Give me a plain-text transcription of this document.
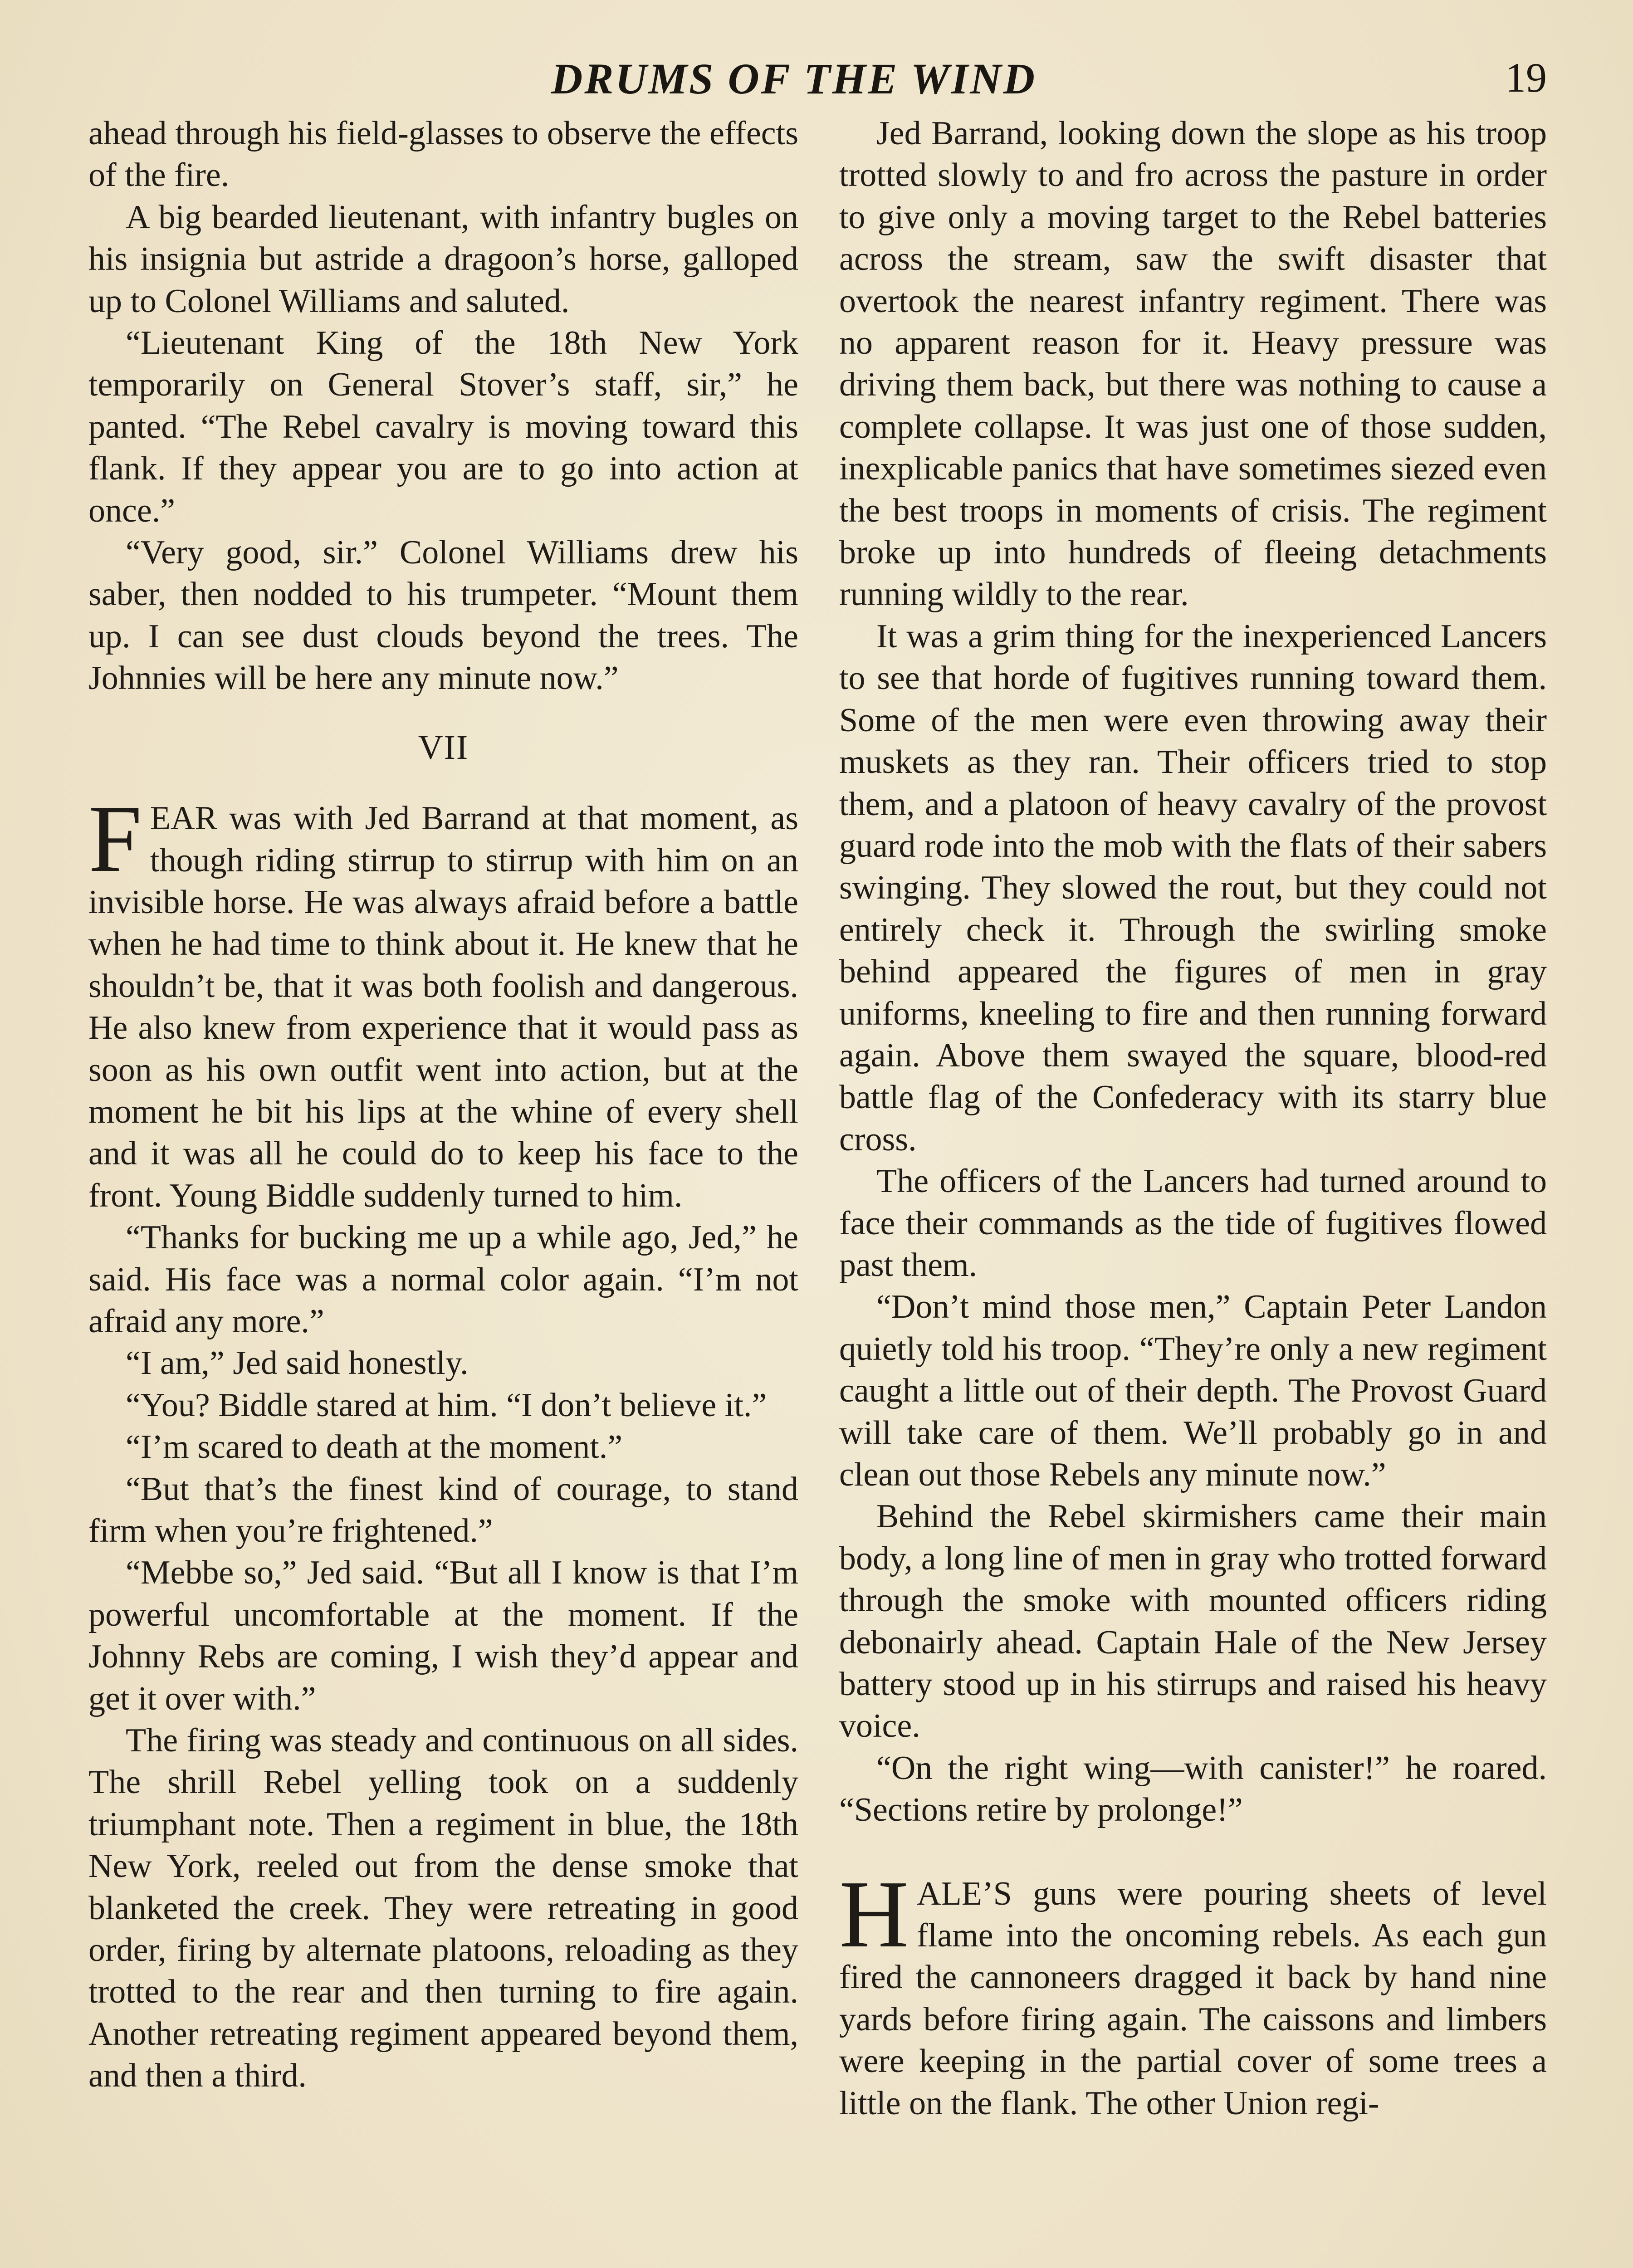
DRUMS OF THE WIND	19

ahead through his field-glasses to observe the effects of the fire.

A big bearded lieutenant, with infantry bugles on his insignia but astride a dragoon’s horse, galloped up to Colonel Williams and saluted.

“Lieutenant King of the 18th New York temporarily on General Stover’s staff, sir,” he panted. “The Rebel cavalry is moving toward this flank. If they appear you are to go into action at once.”

“Very good, sir.” Colonel Williams drew his saber, then nodded to his trumpeter. “Mount them up. I can see dust clouds beyond the trees. The Johnnies will be here any minute now.”

VII

FEAR was with Jed Barrand at that moment, as though riding stirrup to stirrup with him on an invisible horse. He was always afraid before a battle when he had time to think about it. He knew that he shouldn’t be, that it was both foolish and dangerous. He also knew from experience that it would pass as soon as his own outfit went into action, but at the moment he bit his lips at the whine of every shell and it was all he could do to keep his face to the front. Young Biddle suddenly turned to him.

“Thanks for bucking me up a while ago, Jed,” he said. His face was a normal color again. “I’m not afraid any more.”

“I am,” Jed said honestly.

“You? Biddle stared at him. “I don’t believe it.”

“I’m scared to death at the moment.”

“But that’s the finest kind of courage, to stand firm when you’re frightened.”

“Mebbe so,” Jed said. “But all I know is that I’m powerful uncomfortable at the moment. If the Johnny Rebs are coming, I wish they’d appear and get it over with.”

The firing was steady and continuous on all sides. The shrill Rebel yelling took on a suddenly triumphant note. Then a regiment in blue, the 18th New York, reeled out from the dense smoke that blanketed the creek. They were retreating in good order, firing by alternate platoons, reloading as they trotted to the rear and then turning to fire again. Another retreating regiment appeared beyond them, and then a third.

Jed Barrand, looking down the slope as his troop trotted slowly to and fro across the pasture in order to give only a moving target to the Rebel batteries across the stream, saw the swift disaster that overtook the nearest infantry regiment. There was no apparent reason for it. Heavy pressure was driving them back, but there was nothing to cause a complete collapse. It was just one of those sudden, inexplicable panics that have sometimes siezed even the best troops in moments of crisis. The regiment broke up into hundreds of fleeing detachments running wildly to the rear.

It was a grim thing for the inexperienced Lancers to see that horde of fugitives running toward them. Some of the men were even throwing away their muskets as they ran. Their officers tried to stop them, and a platoon of heavy cavalry of the provost guard rode into the mob with the flats of their sabers swinging. They slowed the rout, but they could not entirely check it. Through the swirling smoke behind appeared the figures of men in gray uniforms, kneeling to fire and then running forward again. Above them swayed the square, blood-red battle flag of the Confederacy with its starry blue cross.

The officers of the Lancers had turned around to face their commands as the tide of fugitives flowed past them.

“Don’t mind those men,” Captain Peter Landon quietly told his troop. “They’re only a new regiment caught a little out of their depth. The Provost Guard will take care of them. We’ll probably go in and clean out those Rebels any minute now.”

Behind the Rebel skirmishers came their main body, a long line of men in gray who trotted forward through the smoke with mounted officers riding debonairly ahead. Captain Hale of the New Jersey battery stood up in his stirrups and raised his heavy voice.

“On the right wing—with canister!” he roared. “Sections retire by prolonge!”

HALE’S guns were pouring sheets of level flame into the oncoming rebels. As each gun fired the cannoneers dragged it back by hand nine yards before firing again. The caissons and limbers were keeping in the partial cover of some trees a little on the flank. The other Union regi-
